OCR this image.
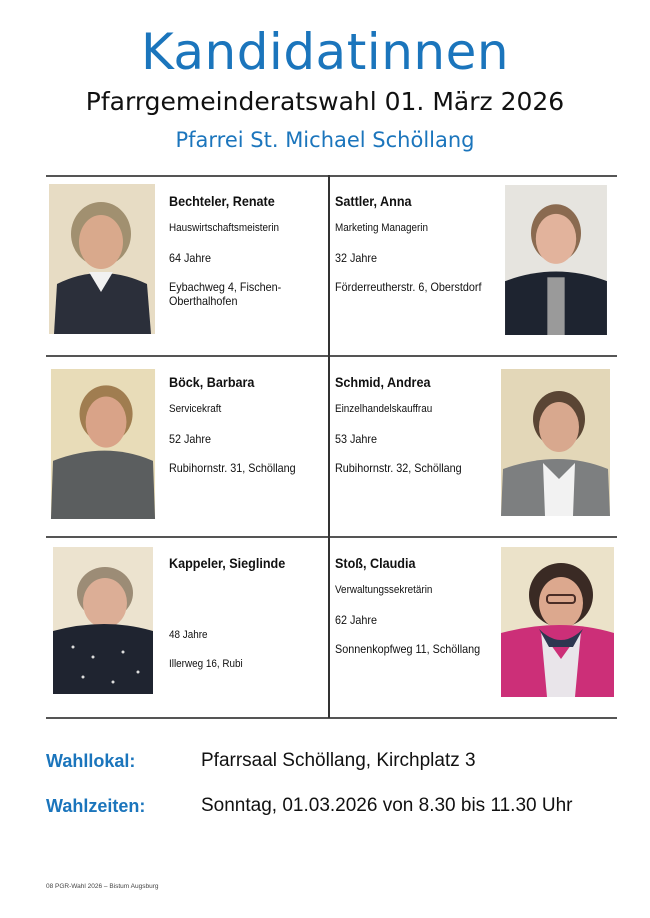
Kandidatinnen
Pfarrgemeinderatswahl 01. März 2026
Pfarrei St. Michael Schöllang
Bechteler, Renate
Hauswirtschaftsmeisterin
64 Jahre
Eybachweg 4, Fischen-Oberthalhofen
Sattler, Anna
Marketing Managerin
32 Jahre
Förderreutherstr. 6, Oberstdorf
Böck, Barbara
Servicekraft
52 Jahre
Rubihornstr. 31, Schöllang
Schmid, Andrea
Einzelhandelskauffrau
53 Jahre
Rubihornstr. 32, Schöllang
Kappeler, Sieglinde
48 Jahre
Illerweg 16, Rubi
Stoß, Claudia
Verwaltungssekretärin
62 Jahre
Sonnenkopfweg 11, Schöllang
Wahllokal:	Pfarrsaal Schöllang, Kirchplatz 3
Wahlzeiten:	Sonntag, 01.03.2026 von 8.30 bis 11.30 Uhr
08 PGR-Wahl 2026 – Bistum Augsburg
